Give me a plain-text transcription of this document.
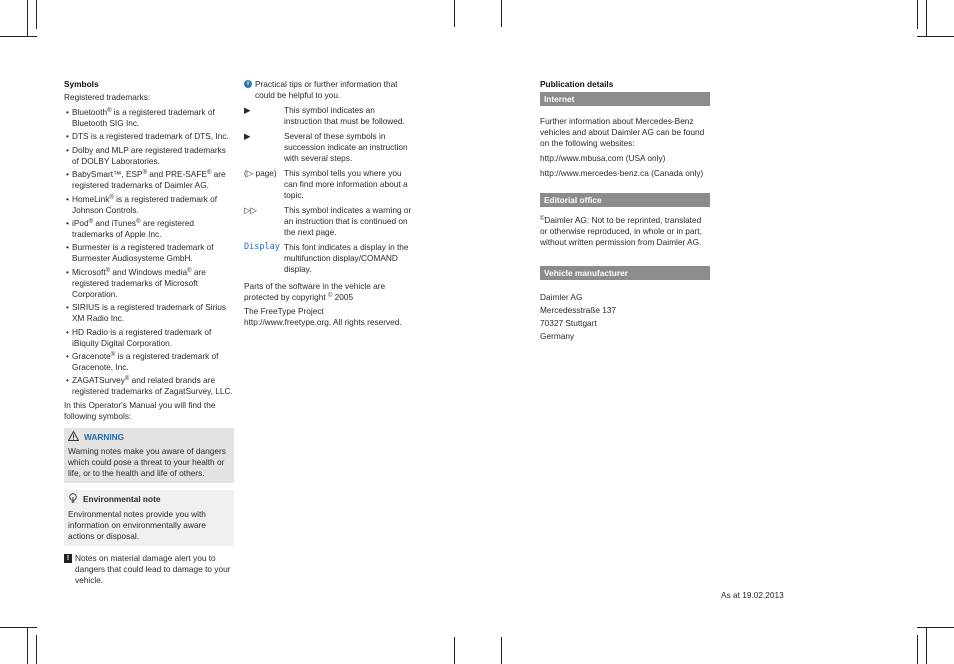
Symbols

Registered trademarks:

• Bluetooth® is a registered trademark of Bluetooth SIG Inc.
• DTS is a registered trademark of DTS, Inc.
• Dolby and MLP are registered trademarks of DOLBY Laboratories.
• BabySmart™, ESP® and PRE-SAFE® are registered trademarks of Daimler AG.
• HomeLink® is a registered trademark of Johnson Controls.
• iPod® and iTunes® are registered trademarks of Apple Inc.
• Burmester is a registered trademark of Burmester Audiosysteme GmbH.
• Microsoft® and Windows media® are registered trademarks of Microsoft Corporation.
• SIRIUS is a registered trademark of Sirius XM Radio Inc.
• HD Radio is a registered trademark of iBiquity Digital Corporation.
• Gracenote® is a registered trademark of Gracenote, Inc.
• ZAGATSurvey® and related brands are registered trademarks of ZagatSurvey, LLC.

In this Operator's Manual you will find the following symbols:

WARNING
Warning notes make you aware of dangers which could pose a threat to your health or life, or to the health and life of others.
Environmental note
Environmental notes provide you with information on environmentally aware actions or disposal.
! Notes on material damage alert you to dangers that could lead to damage to your vehicle.
i Practical tips or further information that could be helpful to you.
▶	This symbol indicates an instruction that must be followed.
▶	Several of these symbols in succession indicate an instruction with several steps.
(▷ page) This symbol tells you where you can find more information about a topic.
▷▷	This symbol indicates a warning or an instruction that is continued on the next page.
Display This font indicates a display in the multifunction display/COMAND display.

Parts of the software in the vehicle are protected by copyright © 2005

The FreeType Project
http://www.freetype.org. All rights reserved.
Publication details
Internet

Further information about Mercedes-Benz vehicles and about Daimler AG can be found on the following websites:

http://www.mbusa.com (USA only)

http://www.mercedes-benz.ca (Canada only)

Editorial office

©Daimler AG: Not to be reprinted, translated or otherwise reproduced, in whole or in part, without written permission from Daimler AG.

Vehicle manufacturer
Daimler AG
Mercedesstraße 137
70327 Stuttgart
Germany
As at 19.02.2013
